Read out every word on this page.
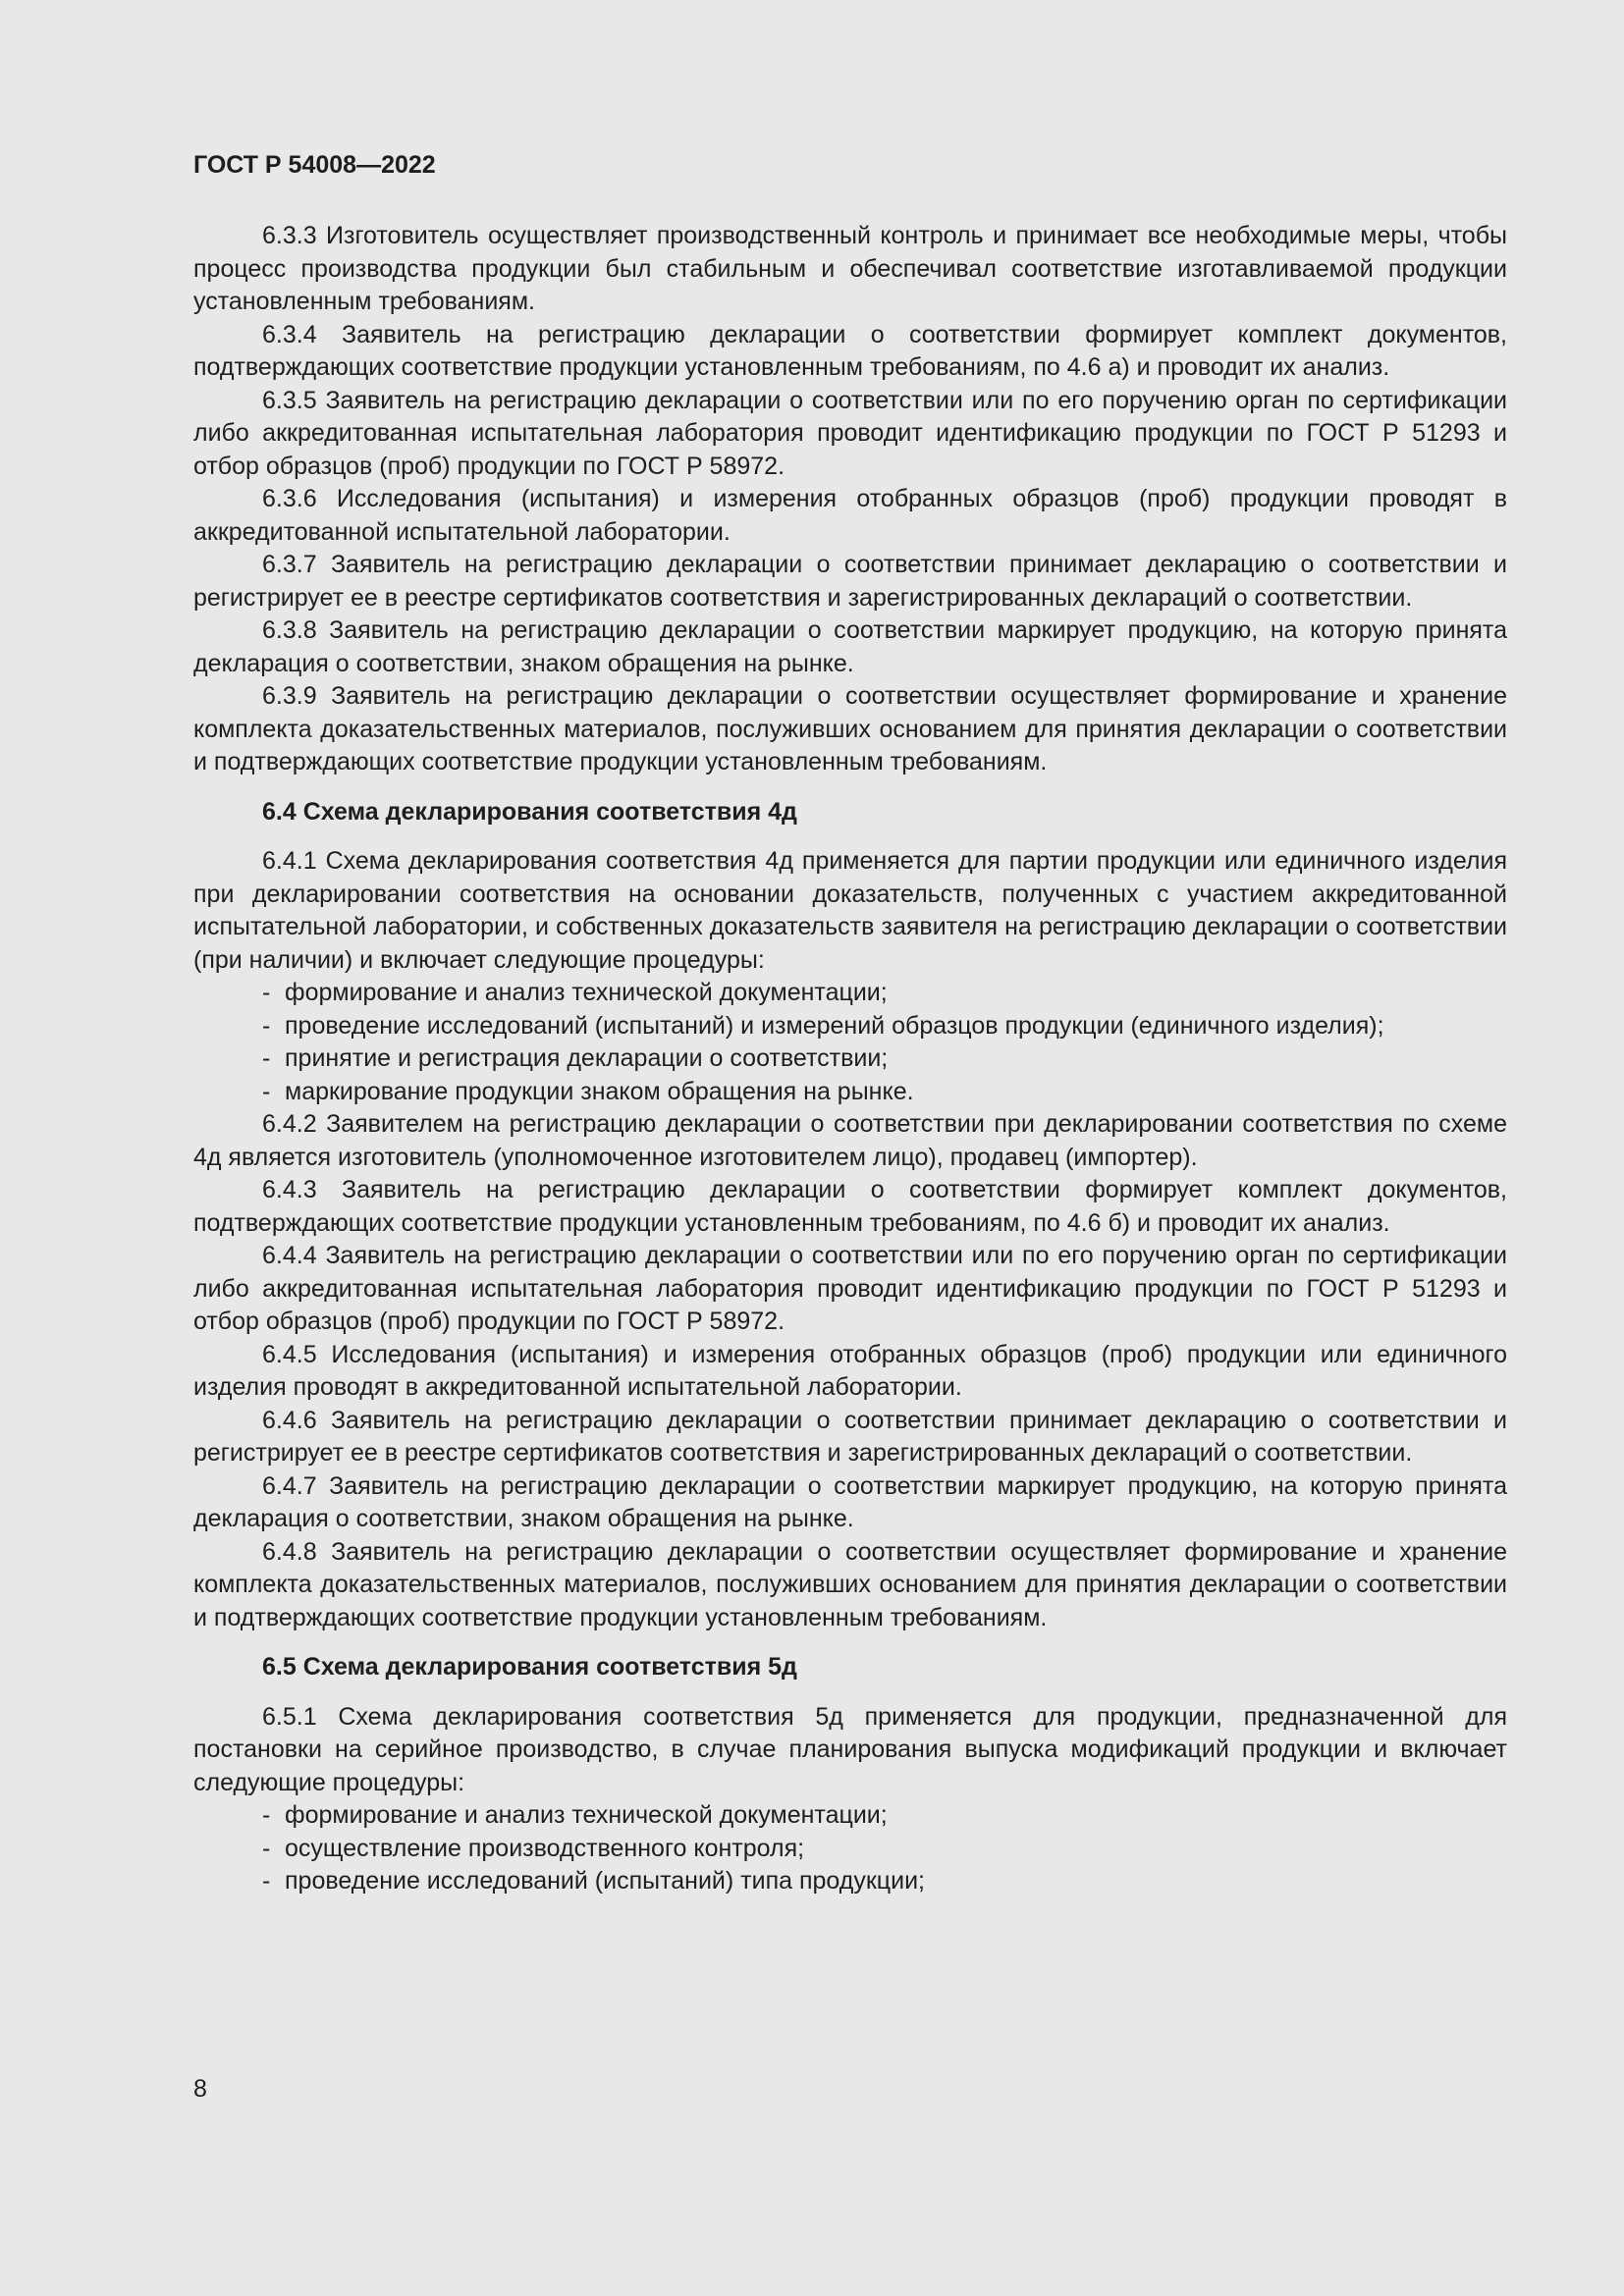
ГОСТ Р 54008—2022

6.3.3 Изготовитель осуществляет производственный контроль и принимает все необходимые меры, чтобы процесс производства продукции был стабильным и обеспечивал соответствие изготавливаемой продукции установленным требованиям.

6.3.4 Заявитель на регистрацию декларации о соответствии формирует комплект документов, подтверждающих соответствие продукции установленным требованиям, по 4.6 а) и проводит их анализ.

6.3.5 Заявитель на регистрацию декларации о соответствии или по его поручению орган по сертификации либо аккредитованная испытательная лаборатория проводит идентификацию продукции по ГОСТ Р 51293 и отбор образцов (проб) продукции по ГОСТ Р 58972.

6.3.6 Исследования (испытания) и измерения отобранных образцов (проб) продукции проводят в аккредитованной испытательной лаборатории.

6.3.7 Заявитель на регистрацию декларации о соответствии принимает декларацию о соответствии и регистрирует ее в реестре сертификатов соответствия и зарегистрированных деклараций о соответствии.

6.3.8 Заявитель на регистрацию декларации о соответствии маркирует продукцию, на которую принята декларация о соответствии, знаком обращения на рынке.

6.3.9 Заявитель на регистрацию декларации о соответствии осуществляет формирование и хранение комплекта доказательственных материалов, послуживших основанием для принятия декларации о соответствии и подтверждающих соответствие продукции установленным требованиям.

6.4 Схема декларирования соответствия 4д

6.4.1 Схема декларирования соответствия 4д применяется для партии продукции или единичного изделия при декларировании соответствия на основании доказательств, полученных с участием аккредитованной испытательной лаборатории, и собственных доказательств заявителя на регистрацию декларации о соответствии (при наличии) и включает следующие процедуры:

- формирование и анализ технической документации;
- проведение исследований (испытаний) и измерений образцов продукции (единичного изделия);
- принятие и регистрация декларации о соответствии;
- маркирование продукции знаком обращения на рынке.

6.4.2 Заявителем на регистрацию декларации о соответствии при декларировании соответствия по схеме 4д является изготовитель (уполномоченное изготовителем лицо), продавец (импортер).

6.4.3 Заявитель на регистрацию декларации о соответствии формирует комплект документов, подтверждающих соответствие продукции установленным требованиям, по 4.6 б) и проводит их анализ.

6.4.4 Заявитель на регистрацию декларации о соответствии или по его поручению орган по сертификации либо аккредитованная испытательная лаборатория проводит идентификацию продукции по ГОСТ Р 51293 и отбор образцов (проб) продукции по ГОСТ Р 58972.

6.4.5 Исследования (испытания) и измерения отобранных образцов (проб) продукции или единичного изделия проводят в аккредитованной испытательной лаборатории.

6.4.6 Заявитель на регистрацию декларации о соответствии принимает декларацию о соответствии и регистрирует ее в реестре сертификатов соответствия и зарегистрированных деклараций о соответствии.

6.4.7 Заявитель на регистрацию декларации о соответствии маркирует продукцию, на которую принята декларация о соответствии, знаком обращения на рынке.

6.4.8 Заявитель на регистрацию декларации о соответствии осуществляет формирование и хранение комплекта доказательственных материалов, послуживших основанием для принятия декларации о соответствии и подтверждающих соответствие продукции установленным требованиям.

6.5 Схема декларирования соответствия 5д

6.5.1 Схема декларирования соответствия 5д применяется для продукции, предназначенной для постановки на серийное производство, в случае планирования выпуска модификаций продукции и включает следующие процедуры:

- формирование и анализ технической документации;
- осуществление производственного контроля;
- проведение исследований (испытаний) типа продукции;
8
